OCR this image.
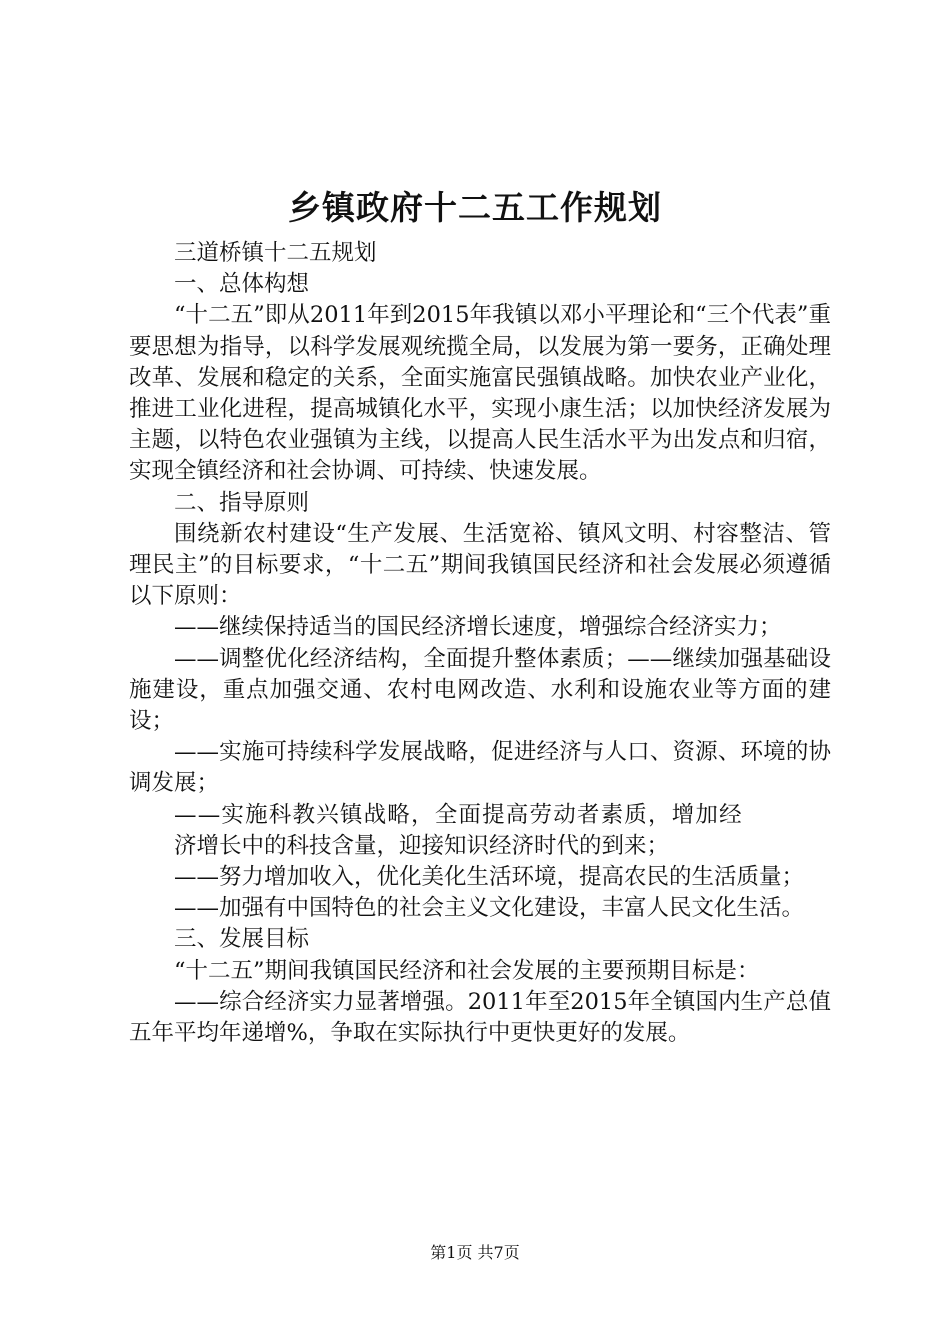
乡镇政府十二五工作规划

三道桥镇十二五规划

一、总体构想

“十二五”即从2011年到2015年我镇以邓小平理论和“三个代表”重要思想为指导，以科学发展观统揽全局，以发展为第一要务，正确处理改革、发展和稳定的关系，全面实施富民强镇战略。加快农业产业化，推进工业化进程，提高城镇化水平，实现小康生活；以加快经济发展为主题，以特色农业强镇为主线，以提高人民生活水平为出发点和归宿，实现全镇经济和社会协调、可持续、快速发展。

二、指导原则

围绕新农村建设“生产发展、生活宽裕、镇风文明、村容整洁、管理民主”的目标要求，“十二五”期间我镇国民经济和社会发展必须遵循以下原则：

——继续保持适当的国民经济增长速度，增强综合经济实力；

——调整优化经济结构，全面提升整体素质；——继续加强基础设施建设，重点加强交通、农村电网改造、水利和设施农业等方面的建设；

——实施可持续科学发展战略，促进经济与人口、资源、环境的协调发展；

——实施科教兴镇战略，全面提高劳动者素质，增加经

济增长中的科技含量，迎接知识经济时代的到来；

——努力增加收入，优化美化生活环境，提高农民的生活质量；

——加强有中国特色的社会主义文化建设，丰富人民文化生活。

三、发展目标

“十二五”期间我镇国民经济和社会发展的主要预期目标是：

——综合经济实力显著增强。2011年至2015年全镇国内生产总值五年平均年递增%，争取在实际执行中更快更好的发展。

第1页 共7页
